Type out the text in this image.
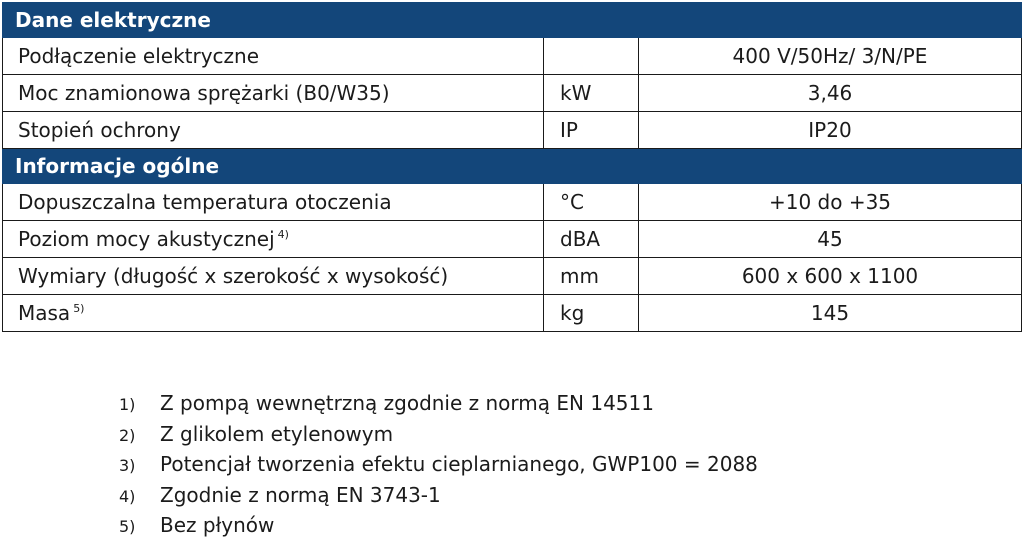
Dane elektryczne		
Podłączenie elektryczne		400 V/50Hz/ 3/N/PE
Moc znamionowa sprężarki (B0/W35)	kW	3,46
Stopień ochrony	IP	IP20
Informacje ogólne		
Dopuszczalna temperatura otoczenia	°C	+10 do +35
Poziom mocy akustycznej $^{4)}$	dBA	45
Wymiary (długość x szerokość x wysokość)	mm	600 x 600 x 1100
Masa $^{5)}$	kg	145
1) Z pompą wewnętrzną zgodnie z normą EN 14511
2) Z glikolem etylenowym
3) Potencjał tworzenia efektu cieplarnianego, GWP100 = 2088
4) Zgodnie z normą EN 3743-1
5) Bez płynów
